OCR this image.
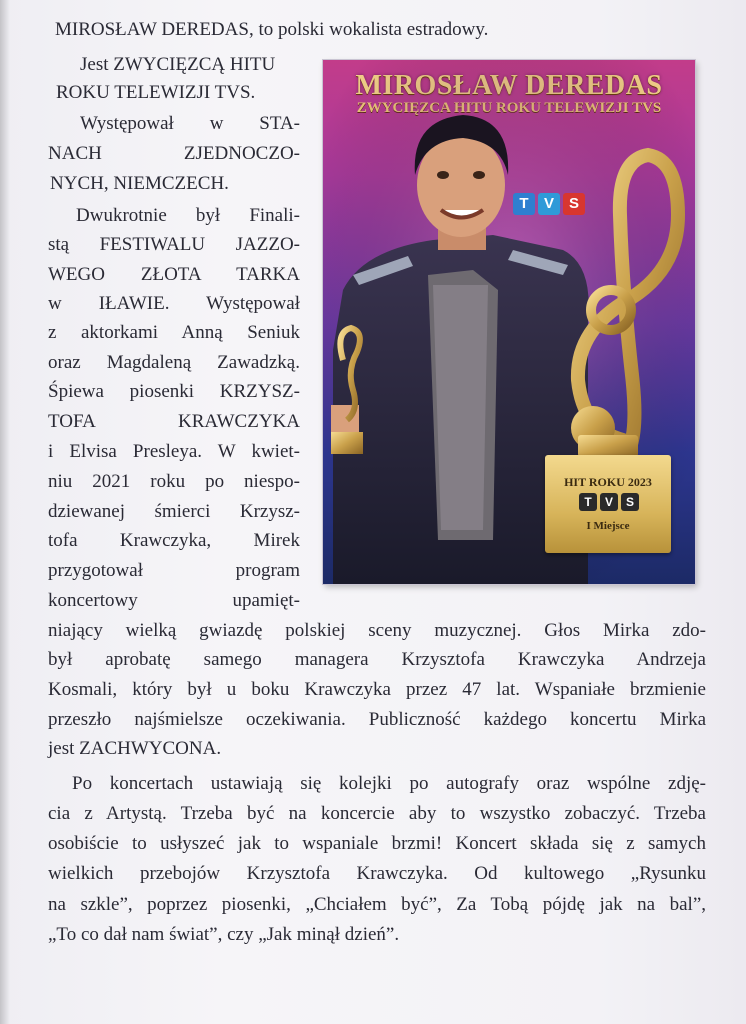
MIROSŁAW DEREDAS, to polski wokalista estradowy.
Jest ZWYCIĘZCĄ HITU
ROKU TELEWIZJI TVS.
Występował w STA-
NACH ZJEDNOCZO-
NYCH, NIEMCZECH.
Dwukrotnie był Finali-
stą FESTIWALU JAZZO-
WEGO ZŁOTA TARKA
w IŁAWIE. Występował
z aktorkami Anną Seniuk
oraz Magdaleną Zawadzką.
Śpiewa piosenki KRZYSZ-
TOFA KRAWCZYKA
i Elvisa Presleya. W kwiet-
niu 2021 roku po niespo-
dziewanej śmierci Krzysz-
tofa Krawczyka, Mirek
przygotował program
koncertowy upamięt-
niający wielką gwiazdę polskiej sceny muzycznej. Głos Mirka zdo-
był aprobatę samego managera Krzysztofa Krawczyka Andrzeja
Kosmali, który był u boku Krawczyka przez 47 lat. Wspaniałe brzmienie
przeszło najśmielsze oczekiwania. Publiczność każdego koncertu Mirka
jest ZACHWYCONA.
Po koncertach ustawiają się kolejki po autografy oraz wspólne zdję-
cia z Artystą. Trzeba być na koncercie aby to wszystko zobaczyć. Trzeba
osobiście to usłyszeć jak to wspaniale brzmi! Koncert składa się z samych
wielkich przebojów Krzysztofa Krawczyka. Od kultowego „Rysunku
na szkle”, poprzez piosenki, „Chciałem być”, Za Tobą pójdę jak na bal”,
„To co dał nam świat”, czy „Jak minął dzień”.
T	V S
HIT ROKU 2023
T	V	S
I Miejsce
